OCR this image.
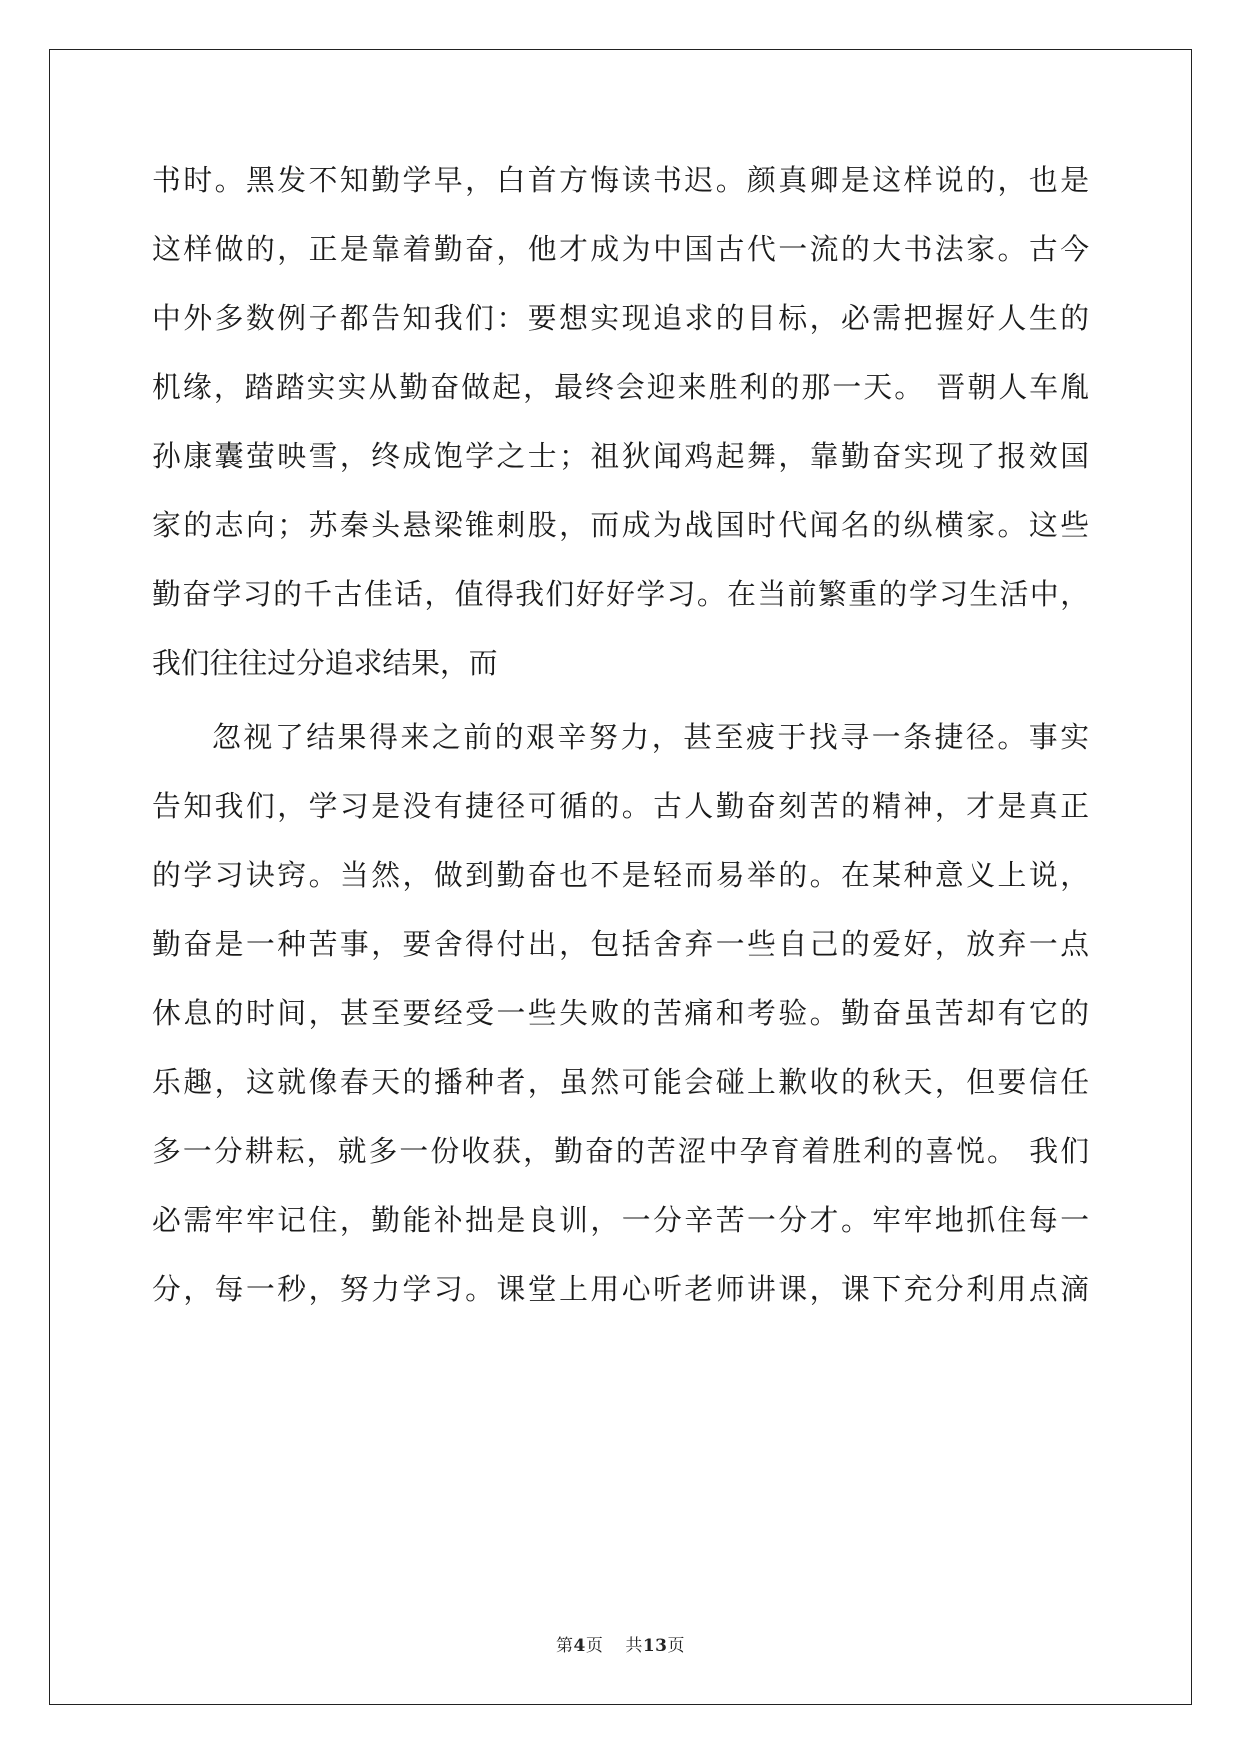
书时。黑发不知勤学早，白首方悔读书迟。颜真卿是这样说的，也是
这样做的，正是靠着勤奋，他才成为中国古代一流的大书法家。古今
中外多数例子都告知我们：要想实现追求的目标，必需把握好人生的
机缘，踏踏实实从勤奋做起，最终会迎来胜利的那一天。 晋朝人车胤
孙康囊萤映雪，终成饱学之士；祖狄闻鸡起舞，靠勤奋实现了报效国
家的志向；苏秦头悬梁锥刺股，而成为战国时代闻名的纵横家。这些
勤奋学习的千古佳话，值得我们好好学习。在当前繁重的学习生活中，
我们往往过分追求结果，而
忽视了结果得来之前的艰辛努力，甚至疲于找寻一条捷径。事实
告知我们，学习是没有捷径可循的。古人勤奋刻苦的精神，才是真正
的学习诀窍。当然，做到勤奋也不是轻而易举的。在某种意义上说，
勤奋是一种苦事，要舍得付出，包括舍弃一些自己的爱好，放弃一点
休息的时间，甚至要经受一些失败的苦痛和考验。勤奋虽苦却有它的
乐趣，这就像春天的播种者，虽然可能会碰上歉收的秋天，但要信任
多一分耕耘，就多一份收获，勤奋的苦涩中孕育着胜利的喜悦。 我们
必需牢牢记住，勤能补拙是良训，一分辛苦一分才。牢牢地抓住每一
分，每一秒，努力学习。课堂上用心听老师讲课，课下充分利用点滴
第4页 共13页
